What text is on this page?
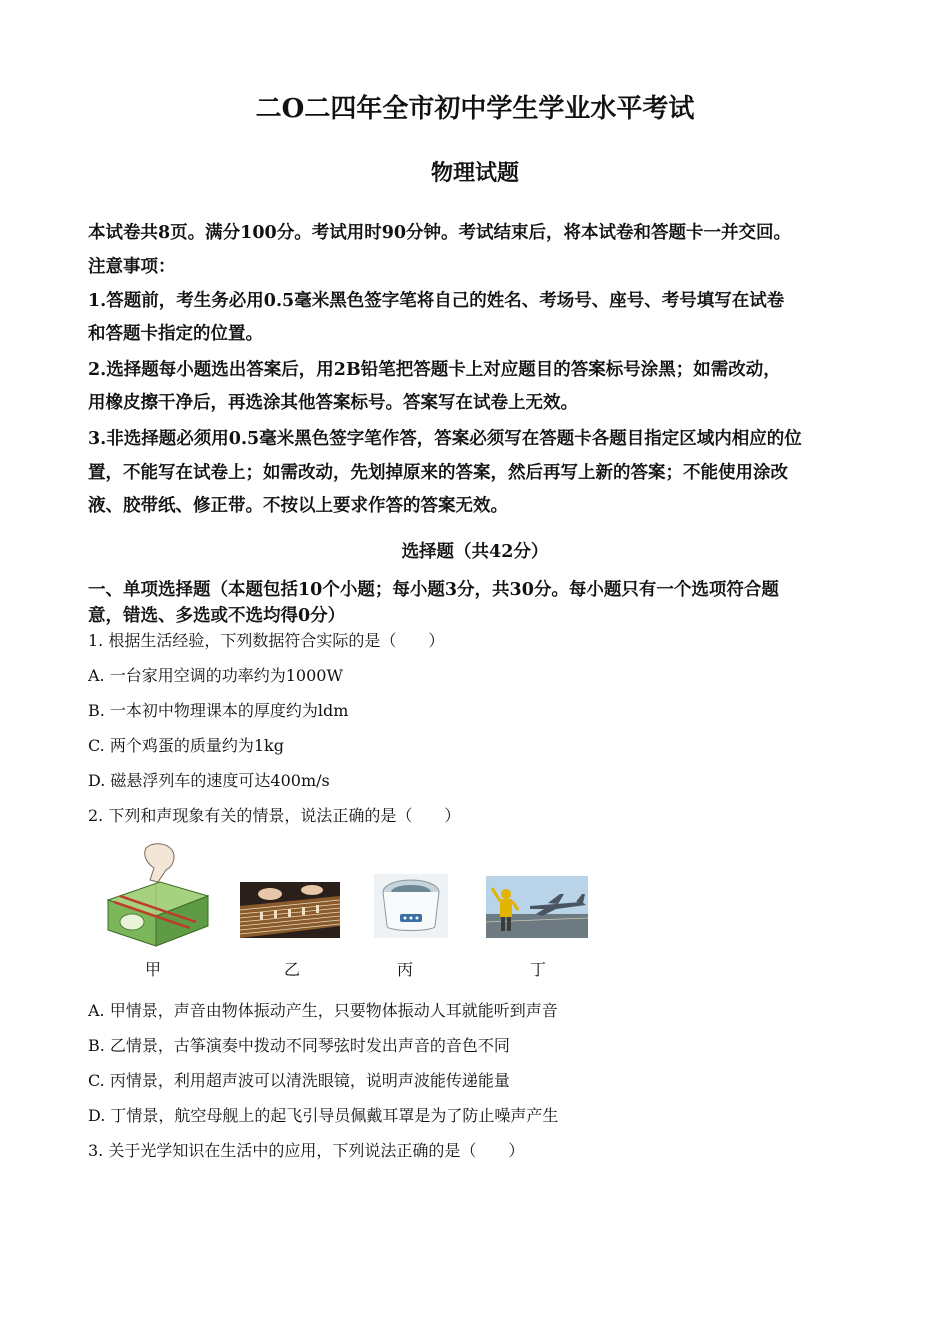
二O二四年全市初中学生学业水平考试
物理试题
本试卷共8页。满分100分。考试用时90分钟。考试结束后，将本试卷和答题卡一并交回。
注意事项：
1.答题前，考生务必用0.5毫米黑色签字笔将自己的姓名、考场号、座号、考号填写在试卷
和答题卡指定的位置。
2.选择题每小题选出答案后，用2B铅笔把答题卡上对应题目的答案标号涂黑；如需改动，
用橡皮擦干净后，再选涂其他答案标号。答案写在试卷上无效。
3.非选择题必须用0.5毫米黑色签字笔作答，答案必须写在答题卡各题目指定区域内相应的位
置，不能写在试卷上；如需改动，先划掉原来的答案，然后再写上新的答案；不能使用涂改
液、胶带纸、修正带。不按以上要求作答的答案无效。
选择题（共42分）
一、单项选择题（本题包括10个小题；每小题3分，共30分。每小题只有一个选项符合题
意，错选、多选或不选均得0分）
1. 根据生活经验，下列数据符合实际的是（　　）
A. 一台家用空调的功率约为1000W
B. 一本初中物理课本的厚度约为ldm
C. 两个鸡蛋的质量约为1kg
D. 磁悬浮列车的速度可达400m/s
2. 下列和声现象有关的情景，说法正确的是（　　）
甲	乙	丙	丁
A. 甲情景，声音由物体振动产生，只要物体振动人耳就能听到声音
B. 乙情景，古筝演奏中拨动不同琴弦时发出声音的音色不同
C. 丙情景，利用超声波可以清洗眼镜，说明声波能传递能量
D. 丁情景，航空母舰上的起飞引导员佩戴耳罩是为了防止噪声产生
3. 关于光学知识在生活中的应用，下列说法正确的是（　　）
